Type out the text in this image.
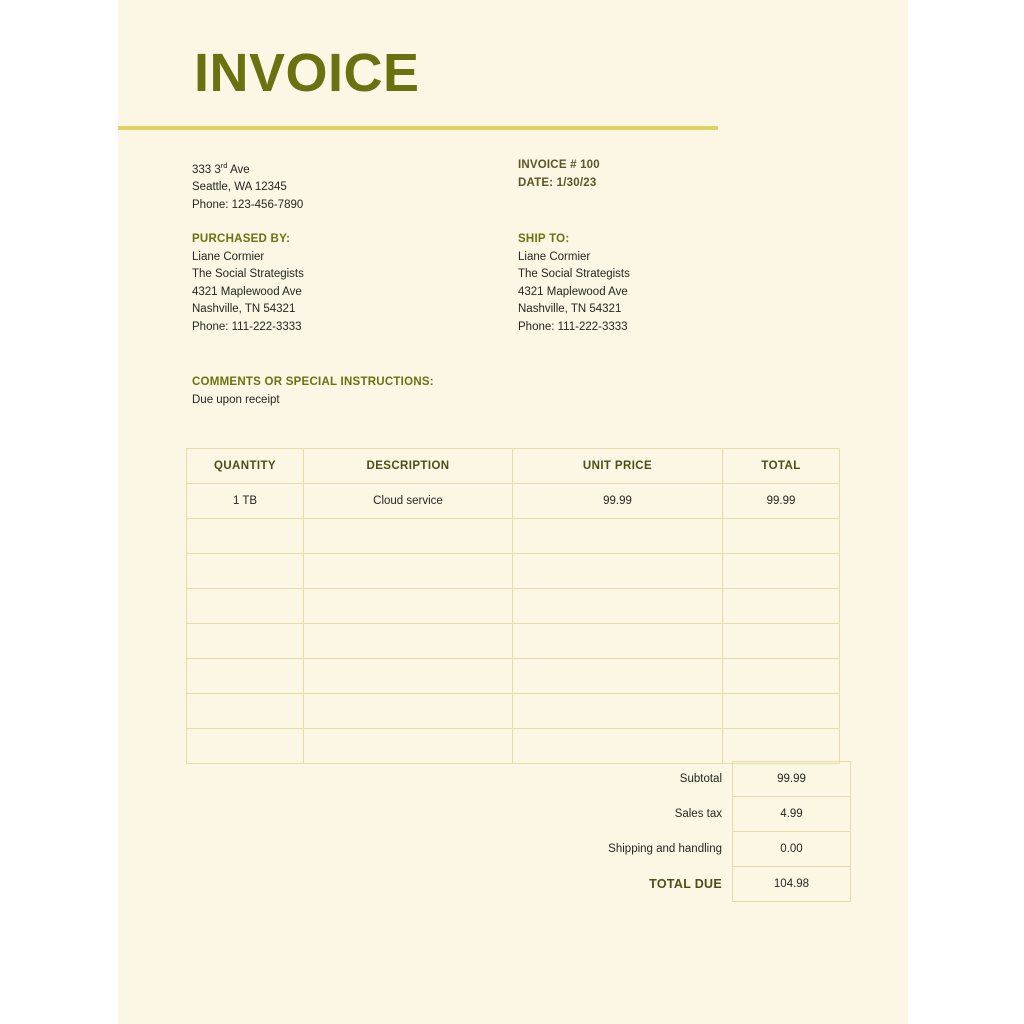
INVOICE
333 3rd Ave
Seattle, WA 12345
Phone: 123-456-7890
INVOICE # 100
DATE: 1/30/23
PURCHASED BY:
Liane Cormier
The Social Strategists
4321 Maplewood Ave
Nashville, TN 54321
Phone: 111-222-3333
SHIP TO:
Liane Cormier
The Social Strategists
4321 Maplewood Ave
Nashville, TN 54321
Phone: 111-222-3333
COMMENTS OR SPECIAL INSTRUCTIONS:
Due upon receipt
QUANTITY	DESCRIPTION	UNIT PRICE	TOTAL
1 TB	Cloud service	99.99	99.99

Subtotal	99.99
Sales tax	4.99
Shipping and handling	0.00
TOTAL DUE	104.98
